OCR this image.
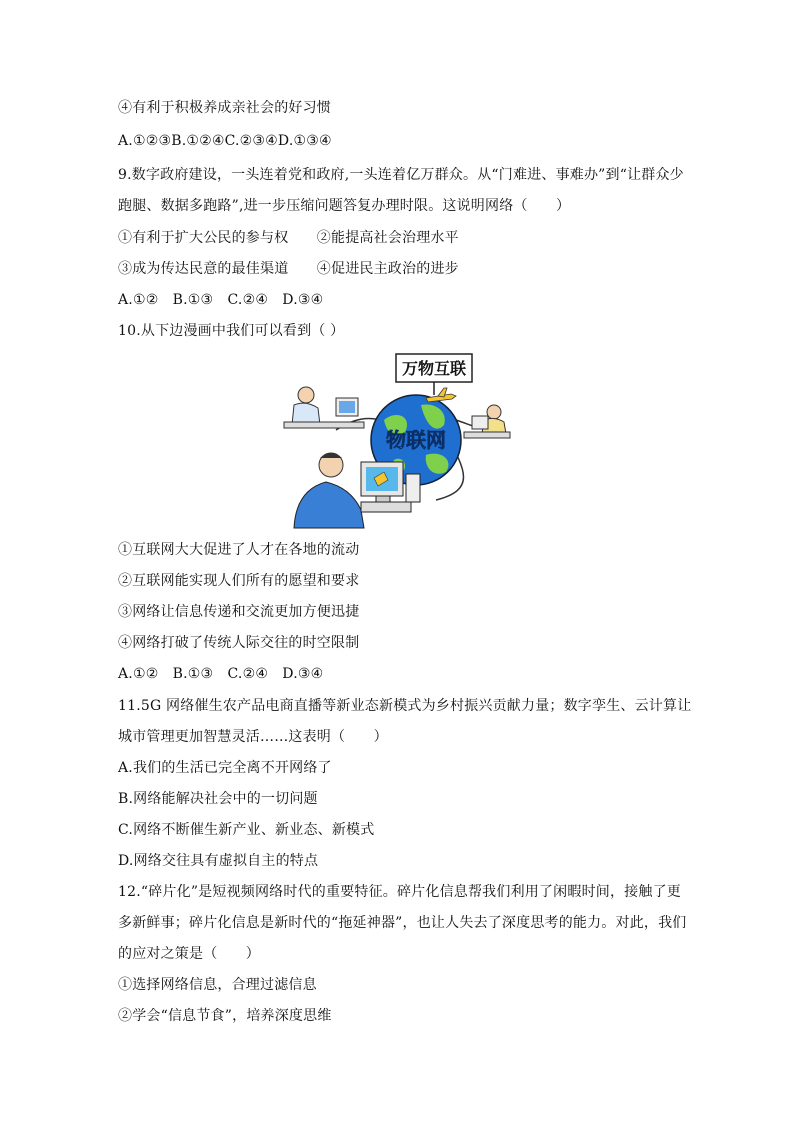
④有利于积极养成亲社会的好习惯
A.①②③B.①②④C.②③④D.①③④
9.数字政府建设，一头连着党和政府,一头连着亿万群众。从“门难进、事难办”到“让群众少
跑腿、数据多跑路”,进一步压缩问题答复办理时限。这说明网络（　　）
①有利于扩大公民的参与权　　②能提高社会治理水平
③成为传达民意的最佳渠道　　④促进民主政治的进步
A.①②　B.①③　C.②④　D.③④
10.从下边漫画中我们可以看到（ ）
物联网
万物互联
①互联网大大促进了人才在各地的流动
②互联网能实现人们所有的愿望和要求
③网络让信息传递和交流更加方便迅捷
④网络打破了传统人际交往的时空限制
A.①②　B.①③　C.②④　D.③④
11.5G 网络催生农产品电商直播等新业态新模式为乡村振兴贡献力量；数字孪生、云计算让
城市管理更加智慧灵活……这表明（　　）
A.我们的生活已完全离不开网络了
B.网络能解决社会中的一切问题
C.网络不断催生新产业、新业态、新模式
D.网络交往具有虚拟自主的特点
12.“碎片化”是短视频网络时代的重要特征。碎片化信息帮我们利用了闲暇时间，接触了更
多新鲜事；碎片化信息是新时代的“拖延神器”，也让人失去了深度思考的能力。对此，我们
的应对之策是（　　）
①选择网络信息，合理过滤信息
②学会“信息节食”，培养深度思维
